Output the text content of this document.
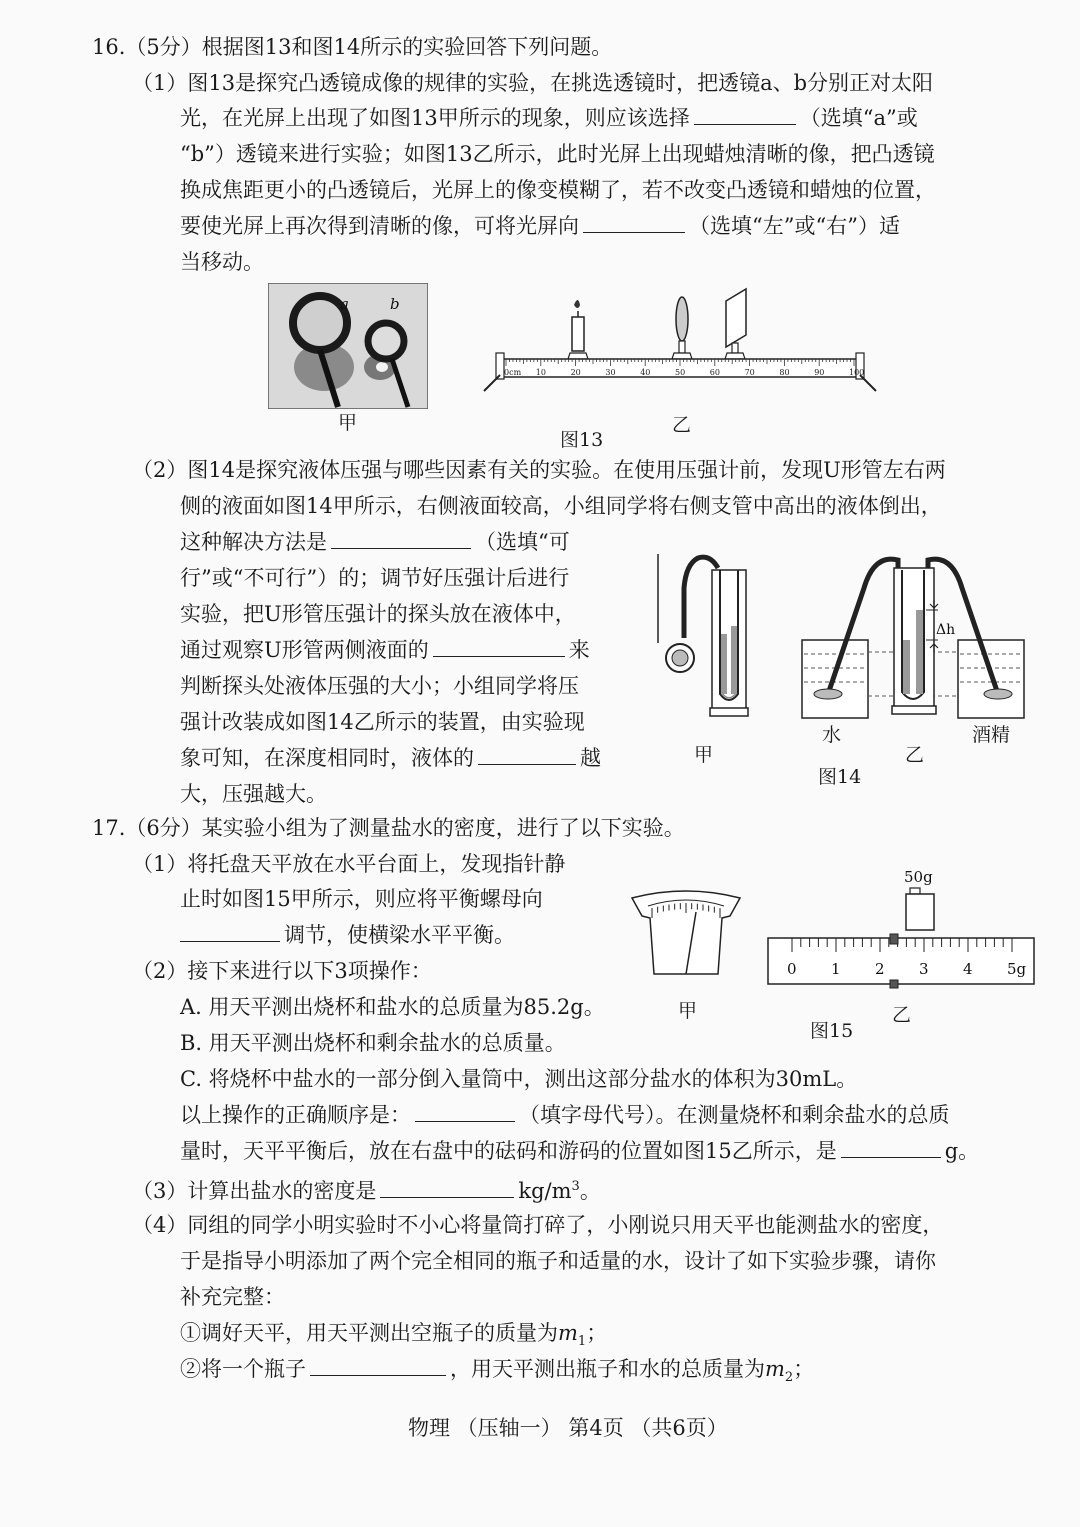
16.（5分）根据图13和图14所示的实验回答下列问题。
（1）图13是探究凸透镜成像的规律的实验，在挑选透镜时，把透镜a、b分别正对太阳
光，在光屏上出现了如图13甲所示的现象，则应该选择	（选填“a”或
“b”）透镜来进行实验；如图13乙所示，此时光屏上出现蜡烛清晰的像，把凸透镜
换成焦距更小的凸透镜后，光屏上的像变模糊了，若不改变凸透镜和蜡烛的位置，
要使光屏上再次得到清晰的像，可将光屏向	（选填“左”或“右”）适
当移动。
a	b
甲
0cm 10	20	30	40	50	60	70	80	90	100
乙
图13
（2）图14是探究液体压强与哪些因素有关的实验。在使用压强计前，发现U形管左右两
侧的液面如图14甲所示，右侧液面较高，小组同学将右侧支管中高出的液体倒出，
这种解决方法是	（选填“可
行”或“不可行”）的；调节好压强计后进行
实验，把U形管压强计的探头放在液体中，
通过观察U形管两侧液面的	来
判断探头处液体压强的大小；小组同学将压
强计改装成如图14乙所示的装置，由实验现
象可知，在深度相同时，液体的	越
大，压强越大。
甲
Δh
水
乙
酒精
图14
17.（6分）某实验小组为了测量盐水的密度，进行了以下实验。
（1）将托盘天平放在水平台面上，发现指针静
止时如图15甲所示，则应将平衡螺母向
调节，使横梁水平平衡。
甲
50g
0 1 2 3 4 5g
乙
图15
（2）接下来进行以下3项操作：
A. 用天平测出烧杯和盐水的总质量为85.2g。
B. 用天平测出烧杯和剩余盐水的总质量。
C. 将烧杯中盐水的一部分倒入量筒中，测出这部分盐水的体积为30mL。
以上操作的正确顺序是：	（填字母代号）。在测量烧杯和剩余盐水的总质
量时，天平平衡后，放在右盘中的砝码和游码的位置如图15乙所示，是	g。
（3）计算出盐水的密度是	$kg/m^3$。
（4）同组的同学小明实验时不小心将量筒打碎了，小刚说只用天平也能测盐水的密度，
于是指导小明添加了两个完全相同的瓶子和适量的水，设计了如下实验步骤，请你
补充完整：
①调好天平，用天平测出空瓶子的质量为$m_1$；
②将一个瓶子	，用天平测出瓶子和水的总质量为$m_2$；
物理 （压轴一） 第4页 （共6页）
